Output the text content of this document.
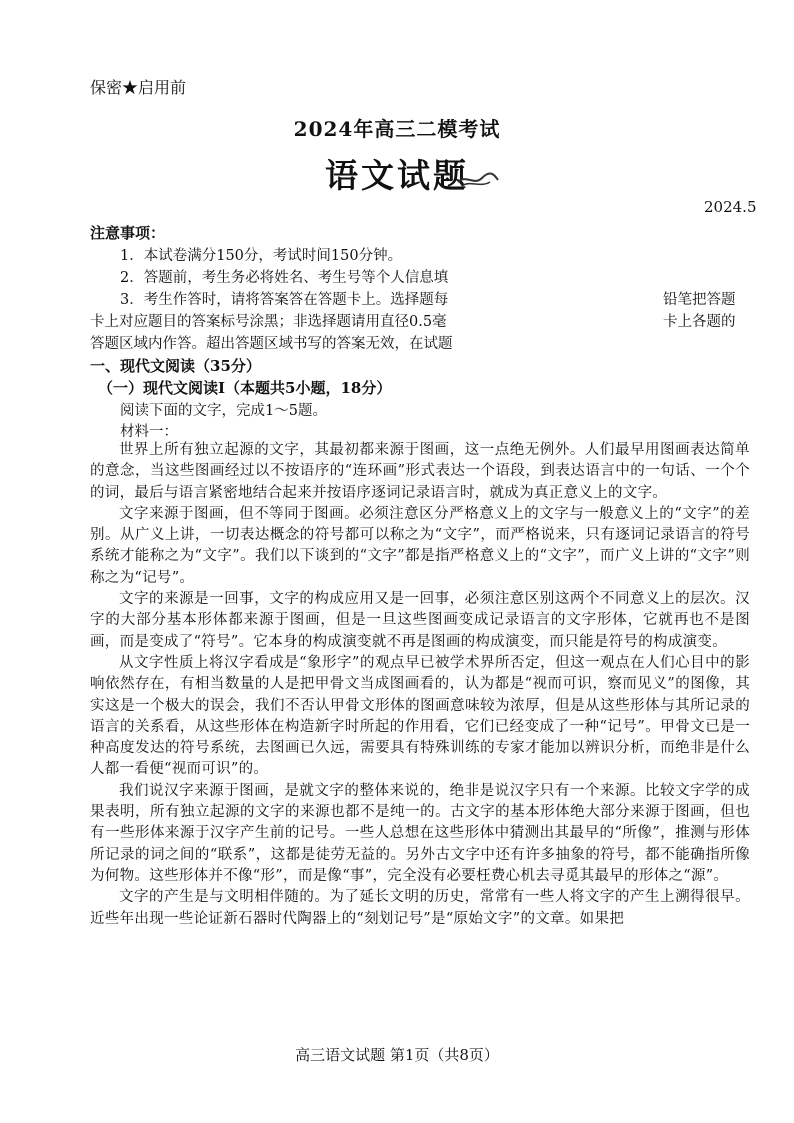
保密★启用前
2024年高三二模考试
语文试题
2024.5
注意事项：
1．本试卷满分150分，考试时间150分钟。
2．答题前，考生务必将姓名、考生号等个人信息填
3．考生作答时，请将答案答在答题卡上。选择题每	铅笔把答题
卡上对应题目的答案标号涂黑；非选择题请用直径0.5毫	卡上各题的
答题区域内作答。超出答题区域书写的答案无效，在试题
一、现代文阅读（35分）
（一）现代文阅读Ⅰ（本题共5小题，18分）
阅读下面的文字，完成1～5题。
材料一：

世界上所有独立起源的文字，其最初都来源于图画，这一点绝无例外。人们最早用图画表达简单的意念，当这些图画经过以不按语序的“连环画”形式表达一个语段，到表达语言中的一句话、一个个的词，最后与语言紧密地结合起来并按语序逐词记录语言时，就成为真正意义上的文字。

文字来源于图画，但不等同于图画。必须注意区分严格意义上的文字与一般意义上的“文字”的差别。从广义上讲，一切表达概念的符号都可以称之为“文字”，而严格说来，只有逐词记录语言的符号系统才能称之为“文字”。我们以下谈到的“文字”都是指严格意义上的“文字”，而广义上讲的“文字”则称之为“记号”。

文字的来源是一回事，文字的构成应用又是一回事，必须注意区别这两个不同意义上的层次。汉字的大部分基本形体都来源于图画，但是一旦这些图画变成记录语言的文字形体，它就再也不是图画，而是变成了“符号”。它本身的构成演变就不再是图画的构成演变，而只能是符号的构成演变。

从文字性质上将汉字看成是“象形字”的观点早已被学术界所否定，但这一观点在人们心目中的影响依然存在，有相当数量的人是把甲骨文当成图画看的，认为都是“视而可识，察而见义”的图像，其实这是一个极大的误会，我们不否认甲骨文形体的图画意味较为浓厚，但是从这些形体与其所记录的语言的关系看，从这些形体在构造新字时所起的作用看，它们已经变成了一种“记号”。甲骨文已是一种高度发达的符号系统，去图画已久远，需要具有特殊训练的专家才能加以辨识分析，而绝非是什么人都一看便“视而可识”的。

我们说汉字来源于图画，是就文字的整体来说的，绝非是说汉字只有一个来源。比较文字学的成果表明，所有独立起源的文字的来源也都不是纯一的。古文字的基本形体绝大部分来源于图画，但也有一些形体来源于汉字产生前的记号。一些人总想在这些形体中猜测出其最早的“所像”，推测与形体所记录的词之间的“联系”，这都是徒劳无益的。另外古文字中还有许多抽象的符号，都不能确指所像为何物。这些形体并不像“形”，而是像“事”，完全没有必要枉费心机去寻觅其最早的形体之“源”。

文字的产生是与文明相伴随的。为了延长文明的历史，常常有一些人将文字的产生上溯得很早。近些年出现一些论证新石器时代陶器上的“刻划记号”是“原始文字”的文章。如果把

高三语文试题 第1页（共8页）
